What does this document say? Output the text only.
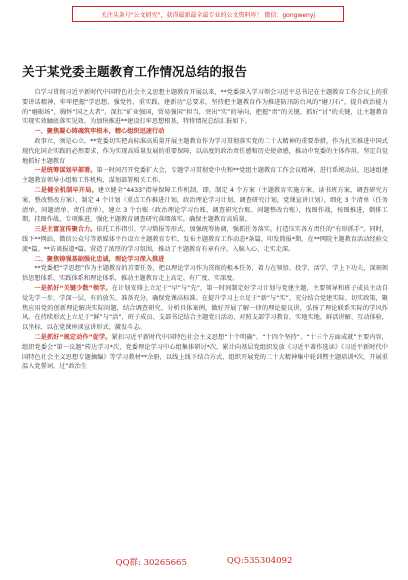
关注头条号"公文研究"，获得最新最全最专业的公文资料库！ 微信：gongwenyj
关于某党委主题教育工作情况总结的报告

自学习贯彻习近平新时代中国特色社会主义思想主题教育开展以来，**党委深入学习领会习近平总书记在主题教育工作会议上的重要讲话精神，牢牢把握“学思想、强党性、重实践、建新功”总要求，坚持把主题教育作为推进防汛防台风的“磨刀石”，提升政治能力的“磨砺场”，胸怀“国之大者”，深扛“矿业强国，贸易强国”担当，突出“实”的导向，把握“责”的关键，抓好“讨”的关键，让主题教育实现实效触底落实见效。为加快推进**建设打牢思想根基，特将情况总结汇报如下。

一、聚焦凝心铸魂筑牢根本，精心组织迅速行动

政事立，须是心立。**党委切实把高标准高质量开展主题教育作为学习贯彻落实党的二十大精神的重要举措，作为扎实推进中国式现代化国企实践的必然要求，作为实现高质量发展的重要保障，以高度的政治责任感和历史使命感，推动中党委的主体作用，坚定自觉地抓好主题教育

一是统筹谋划早部署。第一时间召开党委扩大会，专题学习贯彻党中央和**党组主题教育工作会议精神，进行系统动员，迅速组建主题教育领导小组和工作机构，谋划部署相关工作。

二是健全机制早开局。建立健全“4433”指导保障工作机制，即，制定 4 个方案（主题教育实施方案，读书班方案，调查研究方案，整改整改方案），制定 4 个计划（重点工作推进计划，政治理论学习计划，调查研究计划，党课宣讲计划），细化 3 个清单（任务清单、问题清单、责任清单），建立 3 个台账（政治理论学习台账、调查研究台账、问题整改台账），找图作战，按图推进，倒排工期，挂图作战，专项推进，强化主题教育调查研究落细落实，确保主题教育高质量。

三是主富宣传聚合力。依托工作指引、学习简报等形式，加强统筹协调，强抓任务落实，打造压实各方责任的“有形抓手”。同时，线下**网站、微信公众号等新媒体平台设立主题教育专栏，发布主题教育工作动态*条篇，印发简报*期。在**网院主题教育活动经验交流*篇。**访谈报道*篇。营造了浓厚的学习氛围，推动了主题教育有章有序、入脑入心、走实走深。

二、聚焦铸强基础强化忠诚，理论学习深入推进

**党委把“学思想”作为主题教育的首要任务，把以理论学习作为贯彻的根本任务，着力在领悟、投学、活学、学上下功夫，深刻领悟思想体系、实践体系和理论体系，推动主题教育走上高定、有广度、实深度。

一是抓好“关键少数”领学。在计划安排上立足于“早”与“先”，第一时间制定好学习计划与党建主题，主要领导和班子成员主动自觉先学一步，学深一层，有的放矢、准备充分，确保党课高标准、在提升学习上立足于“新”与“实”，充分结合党建实际、切实政策，聚焦应用党的创新理论解决实际问题，结合调查研究、分析具体案例，做好开展了解一律的理论提议讲，弘扬了理论联系实际的学风作风。在持续形式上立足于“鲜”与“活”，班子成员、支部书记结合主题党日活动、对照支部学习教育，实地实地，鲜活讲解、互动体验，以坐标、以在党课座谈宣讲形式、激发斗志。

二是抓好“规定动作”促学。紧扣习近平新时代中国特色社会主义思想“十个明确”、“十四个坚持”、“十三个方面成就”主要内容，组织党委会“第一议题”传达学习*次、党委理论学习中心组集体研讨*次，累计向基层党组织发放《习近平著作选读》《习近平新时代中国特色社会主义思想专题摘编》等学习教材**余册，以线上线下结合方式，组织开展党的二十大精神集中轮训暨主题培训*次，开展重温入党誓词、过“政治生

QQ群: 30265665	QQ:535304092
